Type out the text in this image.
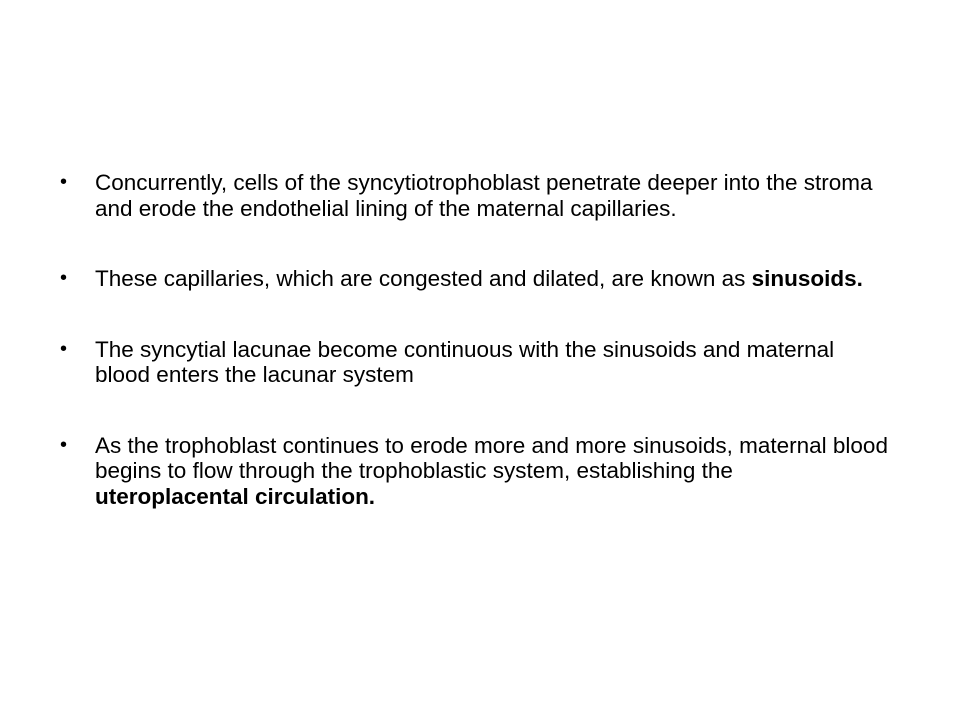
• Concurrently, cells of the syncytiotrophoblast penetrate deeper into the stroma and erode the endothelial lining of the maternal capillaries.
• These capillaries, which are congested and dilated, are known as sinusoids.
• The syncytial lacunae become continuous with the sinusoids and maternal blood enters the lacunar system
• As the trophoblast continues to erode more and more sinusoids, maternal blood begins to flow through the trophoblastic system, establishing the uteroplacental circulation.
